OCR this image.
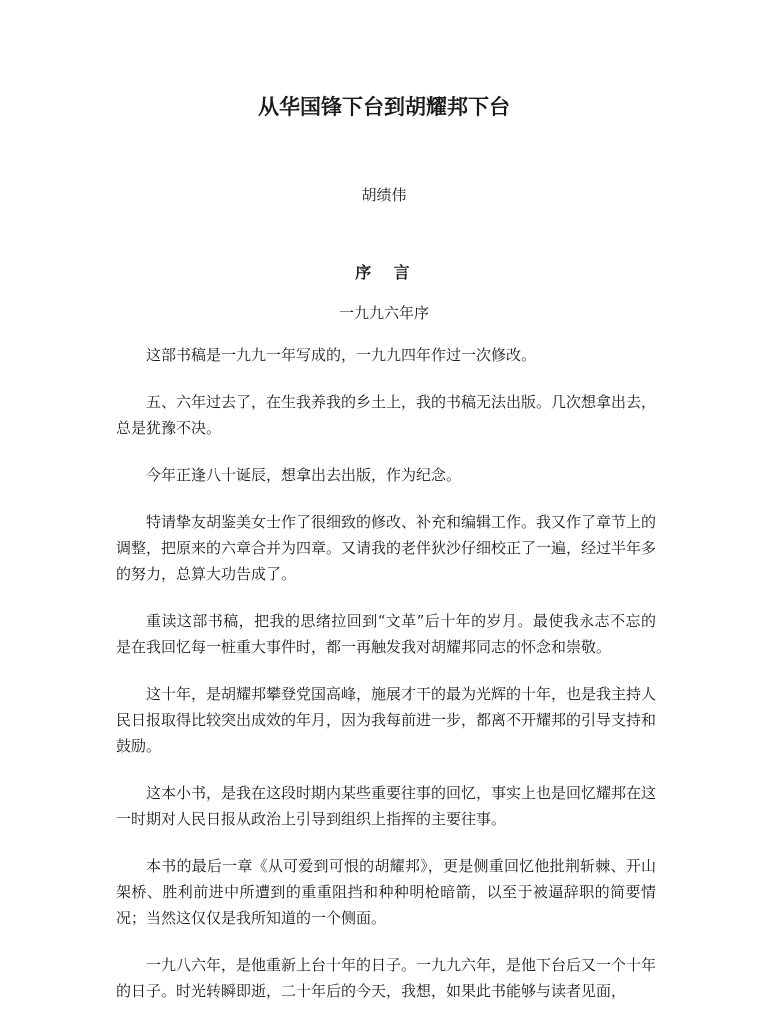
从华国锋下台到胡耀邦下台
胡绩伟
序　言
一九九六年序

这部书稿是一九九一年写成的，一九九四年作过一次修改。

五、六年过去了，在生我养我的乡土上，我的书稿无法出版。几次想拿出去，总是犹豫不决。

今年正逢八十诞辰，想拿出去出版，作为纪念。

特请挚友胡鉴美女士作了很细致的修改、补充和编辑工作。我又作了章节上的调整，把原来的六章合并为四章。又请我的老伴狄沙仔细校正了一遍，经过半年多的努力，总算大功告成了。

重读这部书稿，把我的思绪拉回到“文革”后十年的岁月。最使我永志不忘的是在我回忆每一桩重大事件时，都一再触发我对胡耀邦同志的怀念和崇敬。

这十年，是胡耀邦攀登党国高峰，施展才干的最为光辉的十年，也是我主持人民日报取得比较突出成效的年月，因为我每前进一步，都离不开耀邦的引导支持和鼓励。

这本小书，是我在这段时期内某些重要往事的回忆，事实上也是回忆耀邦在这一时期对人民日报从政治上引导到组织上指挥的主要往事。

本书的最后一章《从可爱到可恨的胡耀邦》，更是侧重回忆他批荆斩棘、开山架桥、胜利前进中所遭到的重重阻挡和种种明枪暗箭，以至于被逼辞职的简要情况；当然这仅仅是我所知道的一个侧面。

一九八六年，是他重新上台十年的日子。一九九六年，是他下台后又一个十年的日子。时光转瞬即逝，二十年后的今天，我想，如果此书能够与读者见面，
